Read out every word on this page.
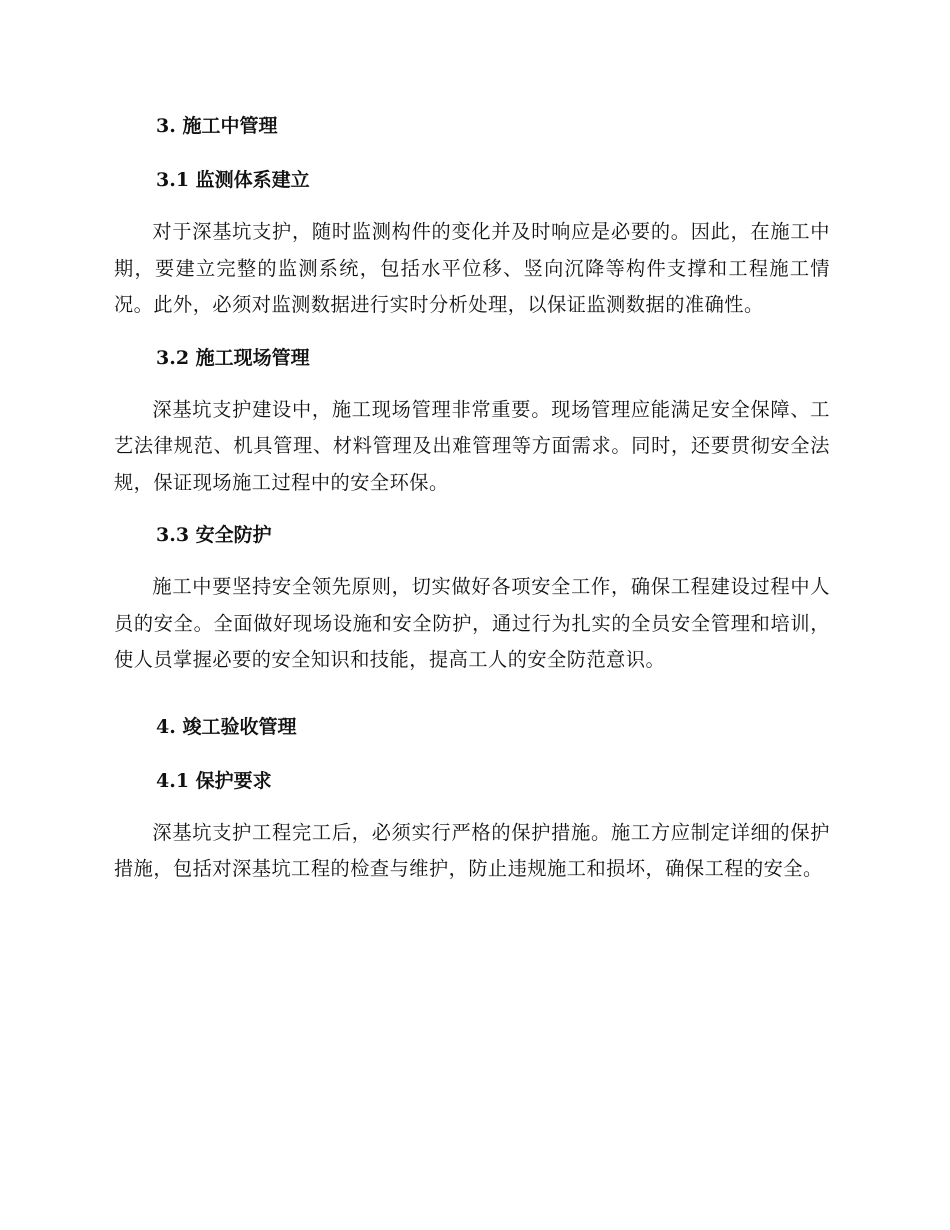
3. 施工中管理
3.1 监测体系建立

对于深基坑支护，随时监测构件的变化并及时响应是必要的。因此，在施工中期，要建立完整的监测系统，包括水平位移、竖向沉降等构件支撑和工程施工情况。此外，必须对监测数据进行实时分析处理，以保证监测数据的准确性。

3.2 施工现场管理

深基坑支护建设中，施工现场管理非常重要。现场管理应能满足安全保障、工艺法律规范、机具管理、材料管理及出难管理等方面需求。同时，还要贯彻安全法规，保证现场施工过程中的安全环保。

3.3 安全防护

施工中要坚持安全领先原则，切实做好各项安全工作，确保工程建设过程中人员的安全。全面做好现场设施和安全防护，通过行为扎实的全员安全管理和培训，使人员掌握必要的安全知识和技能，提高工人的安全防范意识。

4. 竣工验收管理
4.1 保护要求

深基坑支护工程完工后，必须实行严格的保护措施。施工方应制定详细的保护措施，包括对深基坑工程的检查与维护，防止违规施工和损坏，确保工程的安全。
